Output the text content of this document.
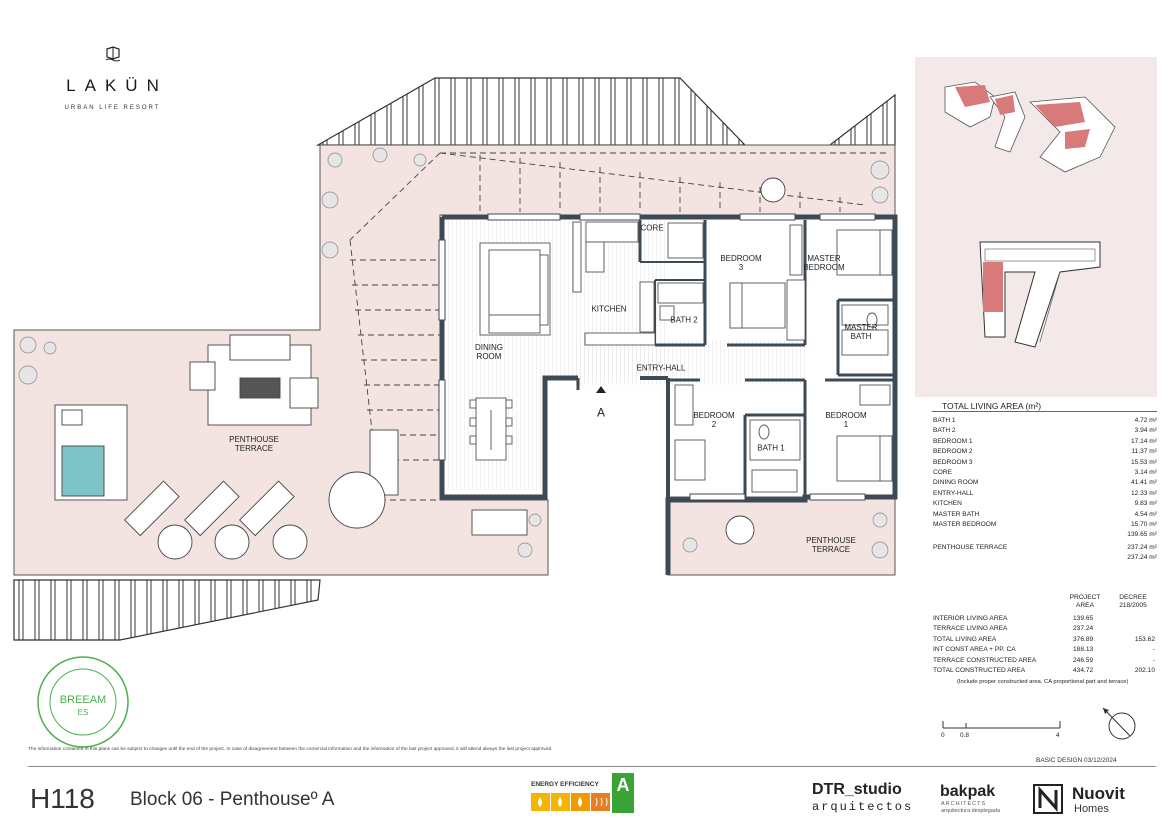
LAKÜN
URBAN LIFE RESORT
CORE
KITCHEN
BATH 2
BEDROOM
3
MASTER
BEDROOM
MASTER
BATH
DINING
ROOM
ENTRY-HALL
A	BEDROOM
2
BATH 1
BEDROOM
1
PENTHOUSE
TERRACE
PENTHOUSE
TERRACE
TOTAL LIVING AREA (m²)
BATH 1	4.72 m²
BATH 2	3.94 m²
BEDROOM 1	17.14 m²
BEDROOM 2	11.37 m²
BEDROOM 3	15.53 m²
CORE	3.14 m²
DINING ROOM	41.41 m²
ENTRY-HALL	12.33 m²
KITCHEN	9.83 m²
MASTER BATH	4.54 m²
MASTER BEDROOM	15.70 m²
139.65 m²
PENTHOUSE TERRACE	237.24 m²
237.24 m²
PROJECT AREA
DECREE 218/2005
INTERIOR LIVING AREA	139.65
TERRACE LIVING AREA	237.24
TOTAL LIVING AREA	376.89	153.62
INT CONST AREA + PP. CA	188.13	-
TERRACE CONSTRUCTED AREA	246.59	-
TOTAL CONSTRUCTED AREA	434.72	202.10
(Include proper constructed area, CA proportional part and terrace)
0 0.8	4
BREEAM
ES
The information contained in this plans can be subject to changes until the end of the project. In case of disagreement between the comercial information and the information of the last project approved, it will attend always the last project approved.
BASIC DESIGN 03/12/2024
H118 Block 06 - Penthouseº A
ENERGY EFFICIENCY A	DTR_studio
arquitectos
bakpak
ARCHITECTS
arquitectura desplegada
Nuovit
Homes
